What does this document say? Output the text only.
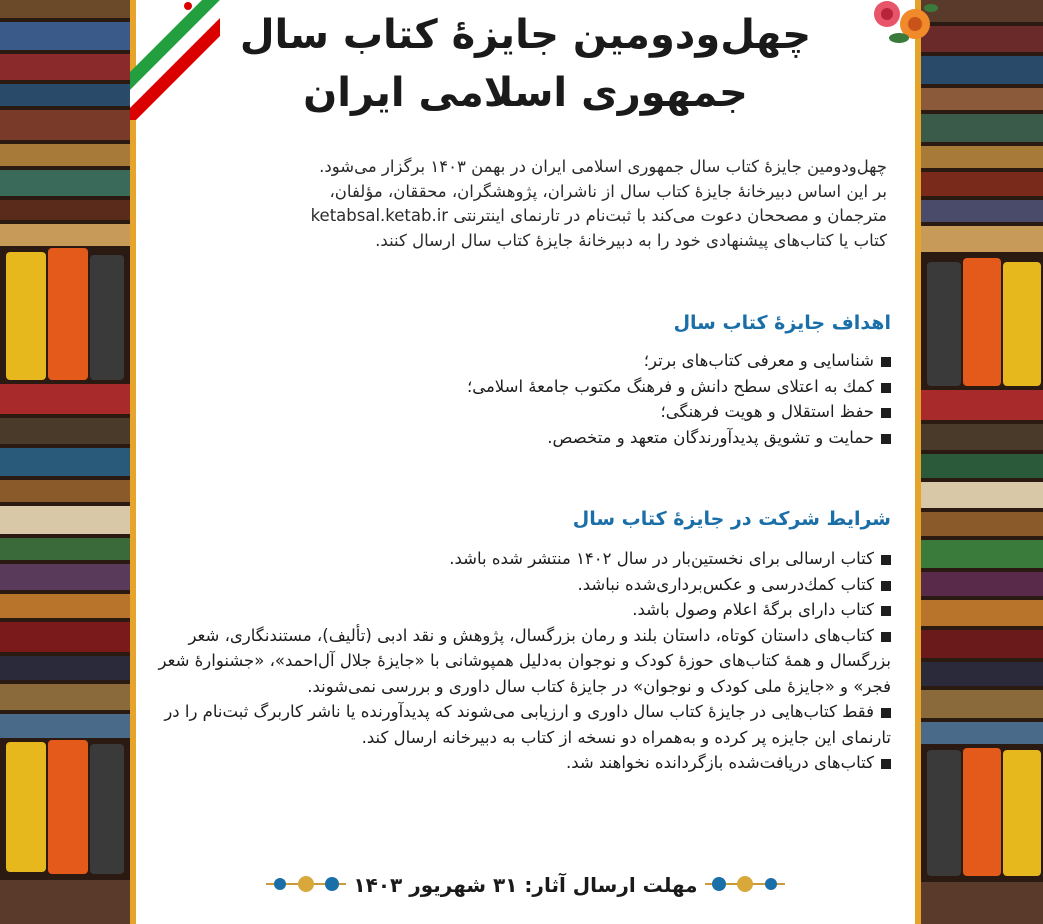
چهل‌ودومین جایزهٔ کتاب سال
جمهوری اسلامی ایران

چهل‌ودومین جایزهٔ کتاب سال جمهوری اسلامی ایران در بهمن ۱۴۰۳ برگزار می‌شود.

بر این اساس دبیرخانهٔ جایزهٔ کتاب سال از ناشران، پژوهشگران، محققان، مؤلفان،

مترجمان و مصححان دعوت می‌کند با ثبت‌نام در تارنمای اینترنتی ketabsal.ketab.ir

کتاب یا کتاب‌های پیشنهادی خود را به دبیرخانهٔ جایزهٔ کتاب سال ارسال کنند.

اهداف جایزهٔ کتاب سال
شناسایی و معرفی کتاب‌های برتر؛
کمك به اعتلای سطح دانش و فرهنگ مکتوب جامعهٔ اسلامی؛
حفظ استقلال و هویت فرهنگی؛
حمایت و تشویق پدیدآورندگان متعهد و متخصص.
شرایط شرکت در جایزهٔ کتاب سال
کتاب ارسالی برای نخستین‌بار در سال ۱۴۰۲ منتشر شده باشد.
کتاب کمك‌درسی و عکس‌برداری‌شده نباشد.
کتاب دارای برگهٔ اعلام وصول باشد.
کتاب‌های داستان کوتاه، داستان بلند و رمان بزرگسال، پژوهش و نقد ادبی (تألیف)، مستندنگاری، شعر بزرگسال و همهٔ کتاب‌های حوزهٔ کودک و نوجوان به‌دلیل همپوشانی با «جایزهٔ جلال آل‌احمد»، «جشنوارهٔ شعر فجر» و «جایزهٔ ملی کودک و نوجوان» در جایزهٔ کتاب سال داوری و بررسی نمی‌شوند.
فقط کتاب‌هایی در جایزهٔ کتاب سال داوری و ارزیابی می‌شوند که پدیدآورنده یا ناشر کاربرگ ثبت‌نام را در تارنمای این جایزه پر کرده و به‌همراه دو نسخه از کتاب به دبیرخانه ارسال کند.
کتاب‌های دریافت‌شده بازگردانده نخواهند شد.
مهلت ارسال آثار: ۳۱ شهریور ۱۴۰۳
